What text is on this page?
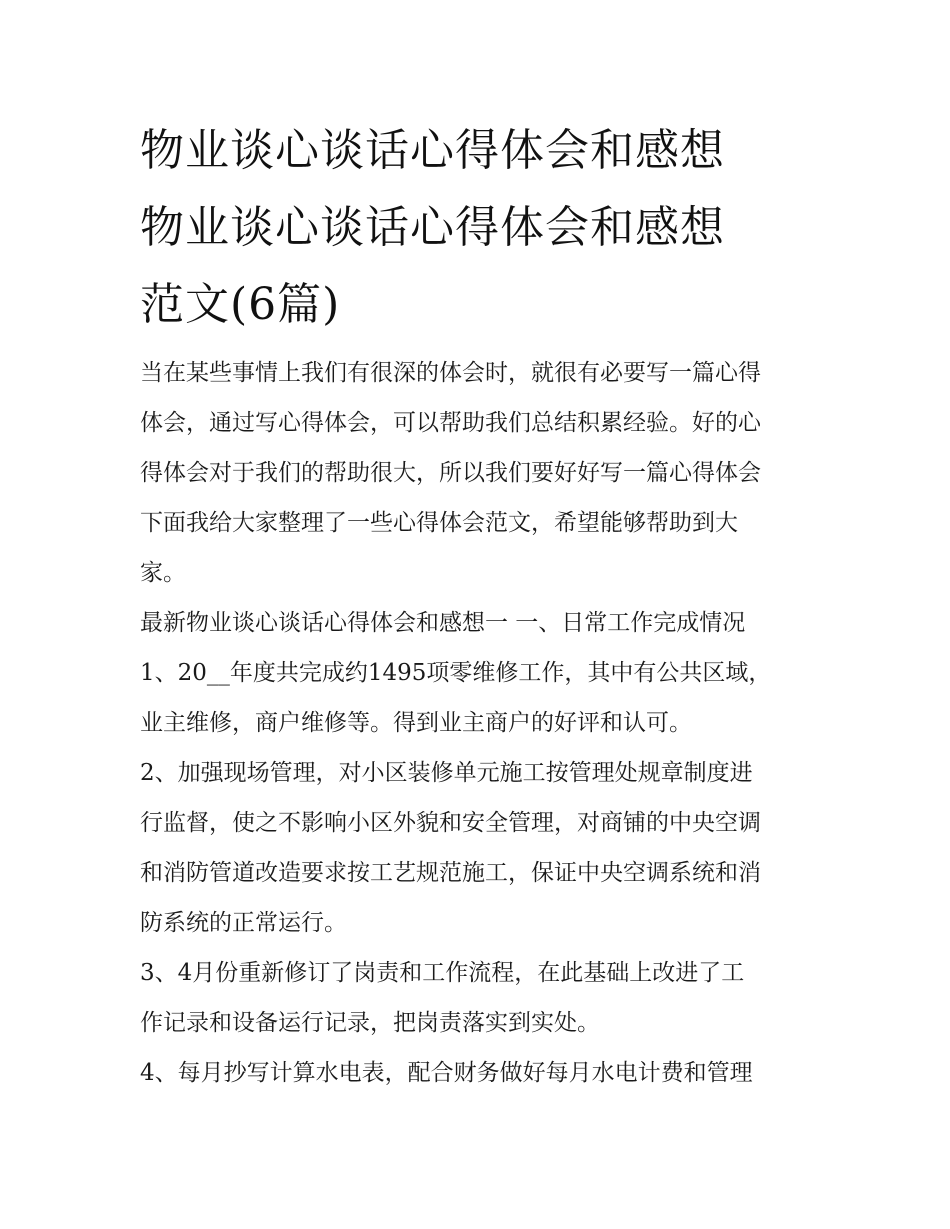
物业谈心谈话心得体会和感想
物业谈心谈话心得体会和感想
范文(6篇)

当在某些事情上我们有很深的体会时，就很有必要写一篇心得
体会，通过写心得体会，可以帮助我们总结积累经验。好的心
得体会对于我们的帮助很大，所以我们要好好写一篇心得体会
下面我给大家整理了一些心得体会范文，希望能够帮助到大
家。

最新物业谈心谈话心得体会和感想一 一、日常工作完成情况

1、20__年度共完成约1495项零维修工作，其中有公共区域，
业主维修，商户维修等。得到业主商户的好评和认可。

2、加强现场管理，对小区装修单元施工按管理处规章制度进
行监督，使之不影响小区外貌和安全管理，对商铺的中央空调
和消防管道改造要求按工艺规范施工，保证中央空调系统和消
防系统的正常运行。

3、4月份重新修订了岗责和工作流程，在此基础上改进了工
作记录和设备运行记录，把岗责落实到实处。

4、每月抄写计算水电表，配合财务做好每月水电计费和管理
